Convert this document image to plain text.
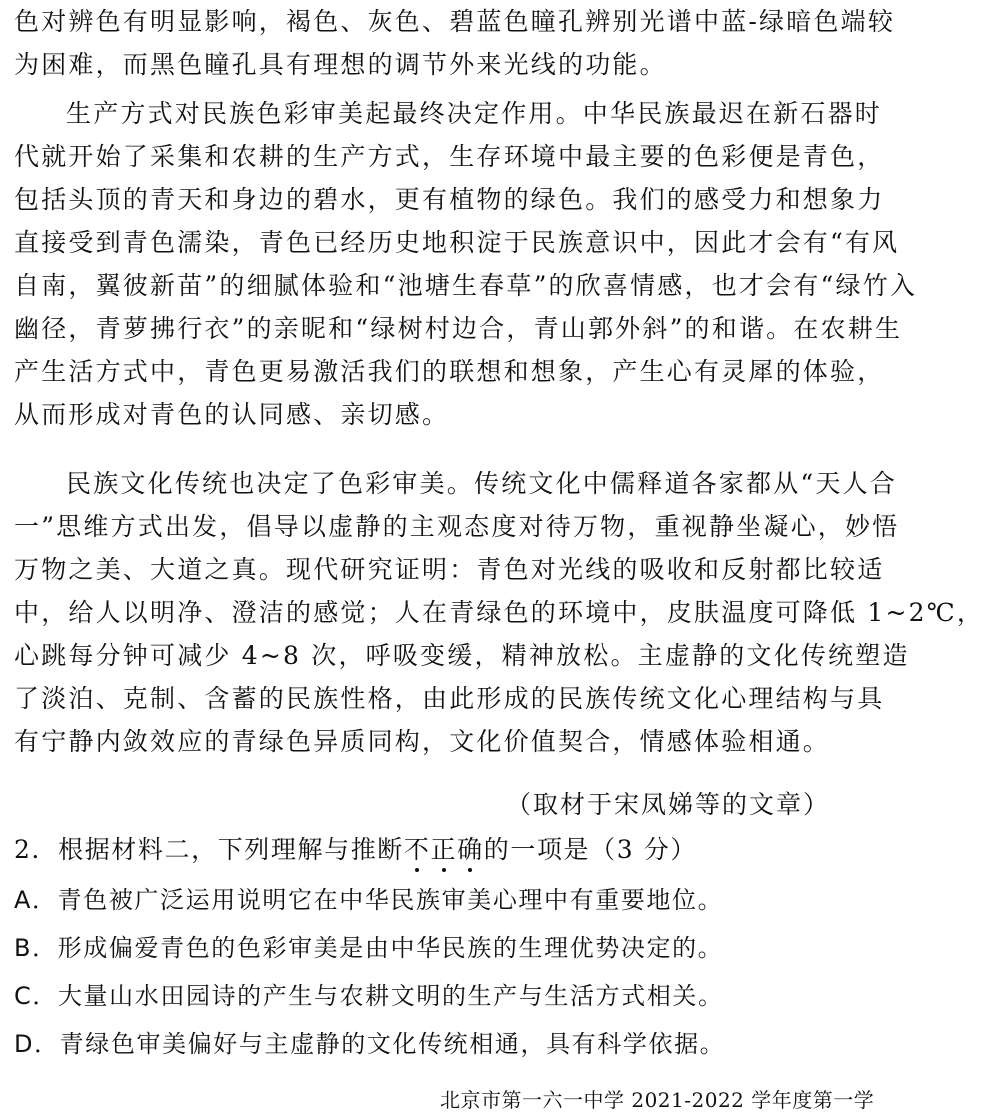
色对辨色有明显影响，褐色、灰色、碧蓝色瞳孔辨别光谱中蓝-绿暗色端较

为困难，而黑色瞳孔具有理想的调节外来光线的功能。

生产方式对民族色彩审美起最终决定作用。中华民族最迟在新石器时

代就开始了采集和农耕的生产方式，生存环境中最主要的色彩便是青色，

包括头顶的青天和身边的碧水，更有植物的绿色。我们的感受力和想象力

直接受到青色濡染，青色已经历史地积淀于民族意识中，因此才会有“有风

自南，翼彼新苗”的细腻体验和“池塘生春草”的欣喜情感，也才会有“绿竹入

幽径，青萝拂行衣”的亲昵和“绿树村边合，青山郭外斜”的和谐。在农耕生

产生活方式中，青色更易激活我们的联想和想象，产生心有灵犀的体验，

从而形成对青色的认同感、亲切感。

民族文化传统也决定了色彩审美。传统文化中儒释道各家都从“天人合

一”思维方式出发，倡导以虚静的主观态度对待万物，重视静坐凝心，妙悟

万物之美、大道之真。现代研究证明：青色对光线的吸收和反射都比较适

中，给人以明净、澄洁的感觉；人在青绿色的环境中，皮肤温度可降低 1~2℃，

心跳每分钟可减少 4~8 次，呼吸变缓，精神放松。主虚静的文化传统塑造

了淡泊、克制、含蓄的民族性格，由此形成的民族传统文化心理结构与具

有宁静内敛效应的青绿色异质同构，文化价值契合，情感体验相通。

（取材于宋凤娣等的文章）
2．根据材料二，下列理解与推断不正确的一项是（3 分）
A．青色被广泛运用说明它在中华民族审美心理中有重要地位。
B．形成偏爱青色的色彩审美是由中华民族的生理优势决定的。
C．大量山水田园诗的产生与农耕文明的生产与生活方式相关。
D．青绿色审美偏好与主虚静的文化传统相通，具有科学依据。
北京市第一六一中学 2021-2022 学年度第一学
